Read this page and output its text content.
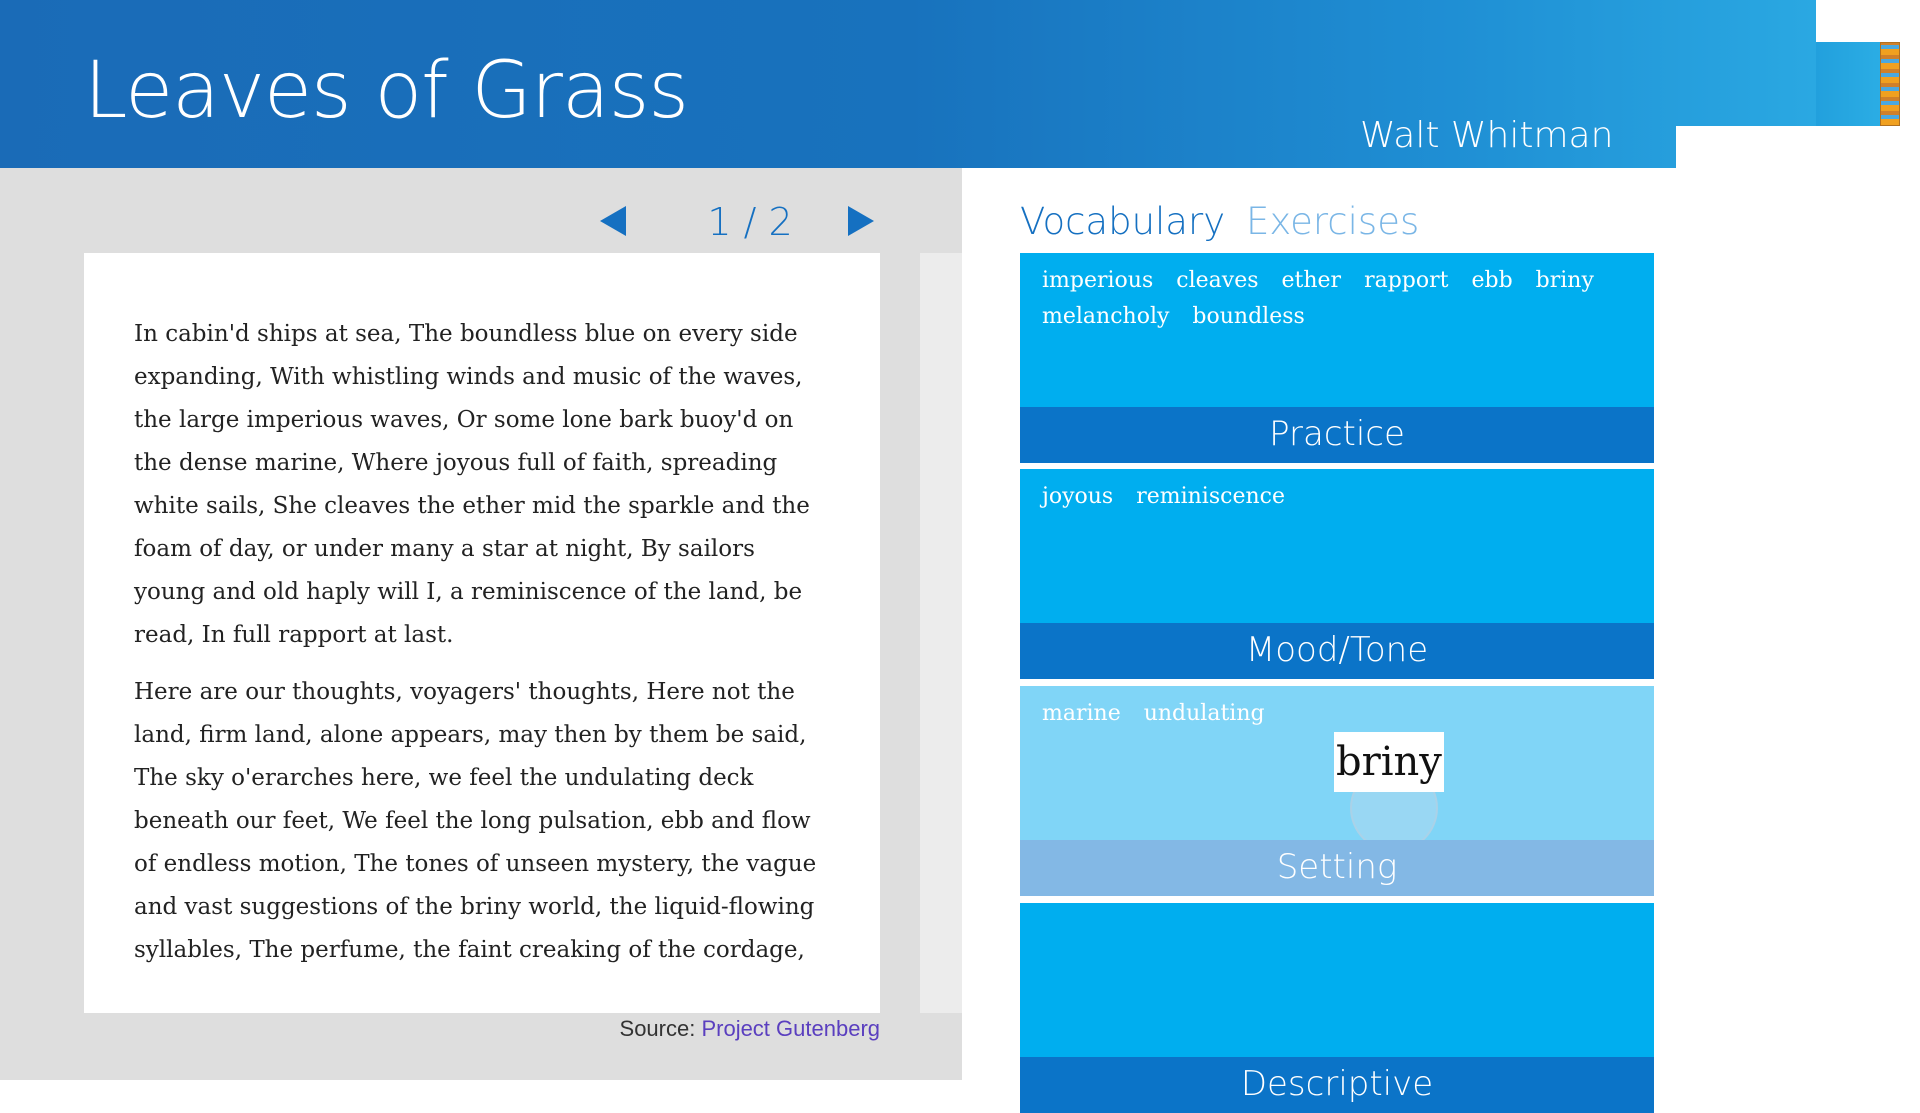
Leaves of Grass	Walt Whitman
1 / 2

In cabin'd ships at sea, The boundless blue on every side expanding, With whistling winds and music of the waves, the large imperious waves, Or some lone bark buoy'd on the dense marine, Where joyous full of faith, spreading white sails, She cleaves the ether mid the sparkle and the foam of day, or under many a star at night, By sailors young and old haply will I, a reminiscence of the land, be read, In full rapport at last.

Here are our thoughts, voyagers' thoughts, Here not the land, firm land, alone appears, may then by them be said, The sky o'erarches here, we feel the undulating deck beneath our feet, We feel the long pulsation, ebb and flow of endless motion, The tones of unseen mystery, the vague and vast suggestions of the briny world, the liquid-flowing syllables, The perfume, the faint creaking of the cordage,

Source: Project Gutenberg
Vocabulary Exercises
imperious cleaves ether rapport ebb briny melancholy boundless
Practice
joyous reminiscence
Mood/Tone
marine undulating
briny
Setting
Descriptive
